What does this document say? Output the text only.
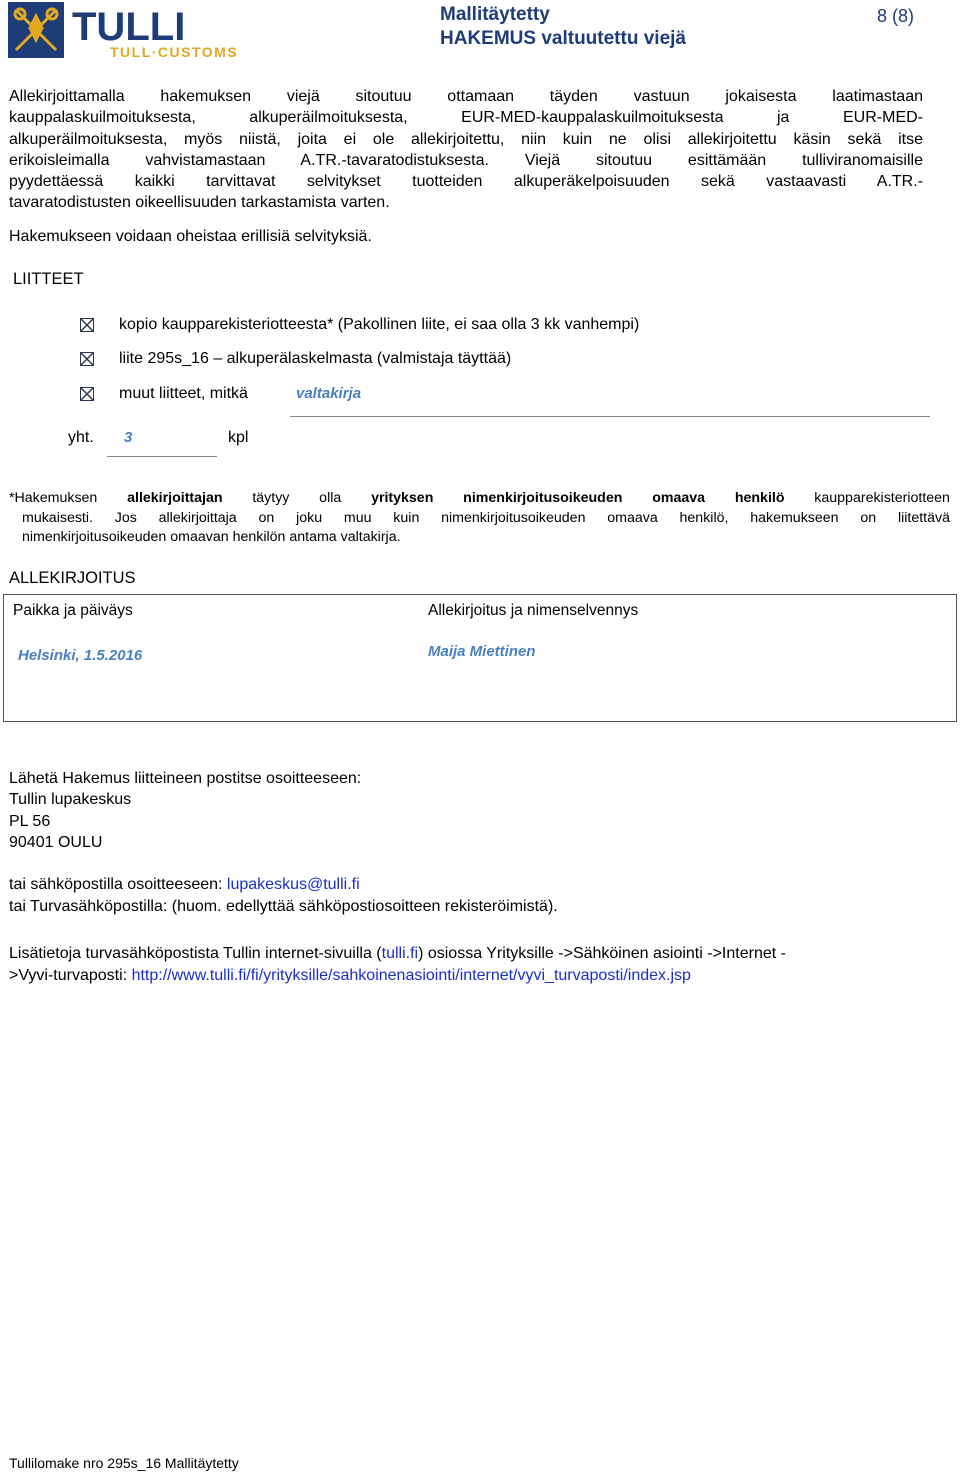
TULLI
TULL·CUSTOMS
Mallitäytetty
HAKEMUS valtuutettu viejä
8 (8)
Allekirjoittamalla hakemuksen viejä sitoutuu ottamaan täyden vastuun jokaisesta laatimastaan
kauppalaskuilmoituksesta, alkuperäilmoituksesta, EUR-MED-kauppalaskuilmoituksesta ja EUR-MED-
alkuperäilmoituksesta, myös niistä, joita ei ole allekirjoitettu, niin kuin ne olisi allekirjoitettu käsin sekä itse
erikoisleimalla vahvistamastaan A.TR.-tavaratodistuksesta. Viejä sitoutuu esittämään tulliviranomaisille
pyydettäessä kaikki tarvittavat selvitykset tuotteiden alkuperäkelpoisuuden sekä vastaavasti A.TR.-
tavaratodistusten oikeellisuuden tarkastamista varten.
Hakemukseen voidaan oheistaa erillisiä selvityksiä.
LIITTEET
kopio kaupparekisteriotteesta* (Pakollinen liite, ei saa olla 3 kk vanhempi)
liite 295s_16 – alkuperälaskelmasta (valmistaja täyttää)
muut liitteet, mitkä	valtakirja
yht. 3	kpl
*Hakemuksen allekirjoittajan täytyy olla yrityksen nimenkirjoitusoikeuden omaava henkilö kaupparekisteriotteen
mukaisesti. Jos allekirjoittaja on joku muu kuin nimenkirjoitusoikeuden omaava henkilö, hakemukseen on liitettävä
nimenkirjoitusoikeuden omaavan henkilön antama valtakirja.
ALLEKIRJOITUS
Paikka ja päiväys
Helsinki, 1.5.2016
Allekirjoitus ja nimenselvennys
Maija Miettinen
Lähetä Hakemus liitteineen postitse osoitteeseen:
Tullin lupakeskus
PL 56
90401 OULU
tai sähköpostilla osoitteeseen: lupakeskus@tulli.fi
tai Turvasähköpostilla: (huom. edellyttää sähköpostiosoitteen rekisteröimistä).
Lisätietoja turvasähköpostista Tullin internet-sivuilla (tulli.fi) osiossa Yrityksille ->Sähköinen asiointi ->Internet -
>Vyvi-turvaposti: http://www.tulli.fi/fi/yrityksille/sahkoinenasiointi/internet/vyvi_turvaposti/index.jsp
Tullilomake nro 295s_16 Mallitäytetty
